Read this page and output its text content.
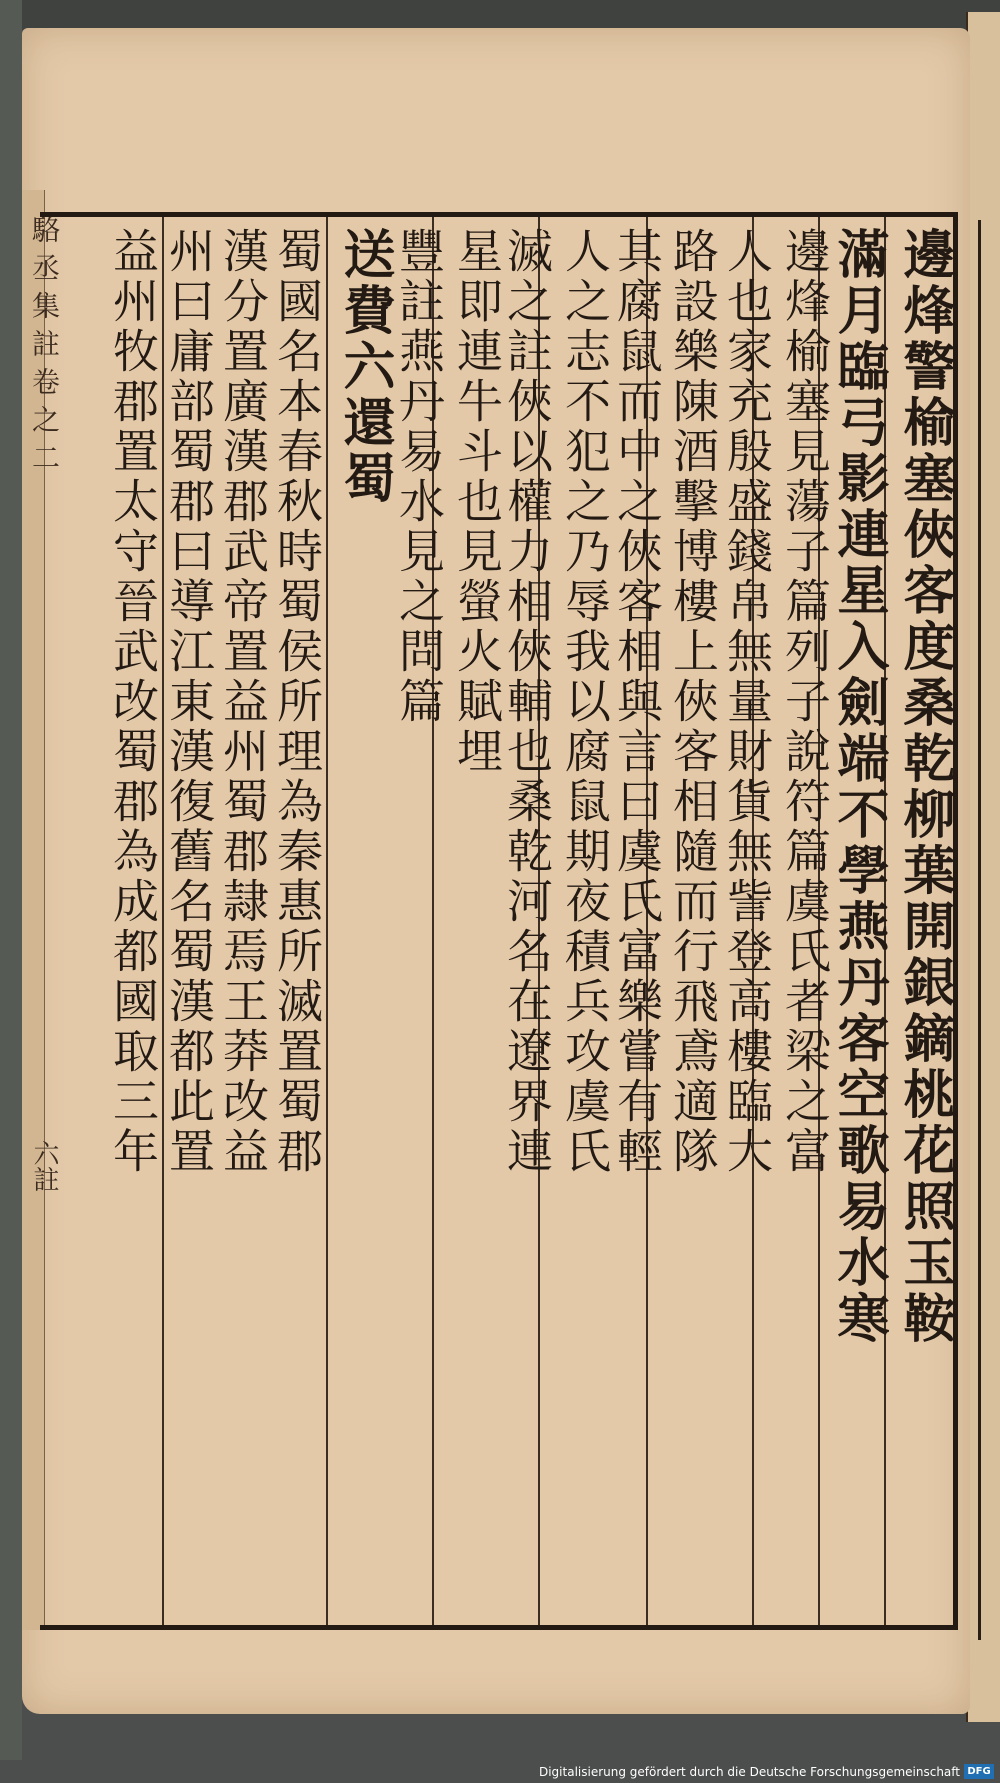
駱丞集註卷之二
六註	邊烽警榆塞俠客度桑乾柳葉開銀鏑桃花照玉鞍
滿月臨弓影連星入劍端不學燕丹客空歌易水寒
邊烽榆塞見蕩子篇列子說符篇虞氏者梁之富
人也家充殷盛錢帛無量財貨無訾登高樓臨大
路設樂陳酒擊博樓上俠客相隨而行飛鳶適隊
其腐鼠而中之俠客相與言曰虞氏富樂嘗有輕
人之志不犯之乃辱我以腐鼠期夜積兵攻虞氏
滅之註俠以權力相俠輔也桑乾河名在遼界連
星即連牛斗也見螢火賦埋
豐註燕丹易水見之問篇
送費六還蜀
蜀國名本春秋時蜀侯所理為秦惠所滅置蜀郡
漢分置廣漢郡武帝置益州蜀郡隷焉王莽改益
州曰庸部蜀郡曰導江東漢復舊名蜀漢都此置
益州牧郡置太守晉武改蜀郡為成都國取三年
Digitalisierung gefördert durch die Deutsche Forschungsgemeinschaft DFG
